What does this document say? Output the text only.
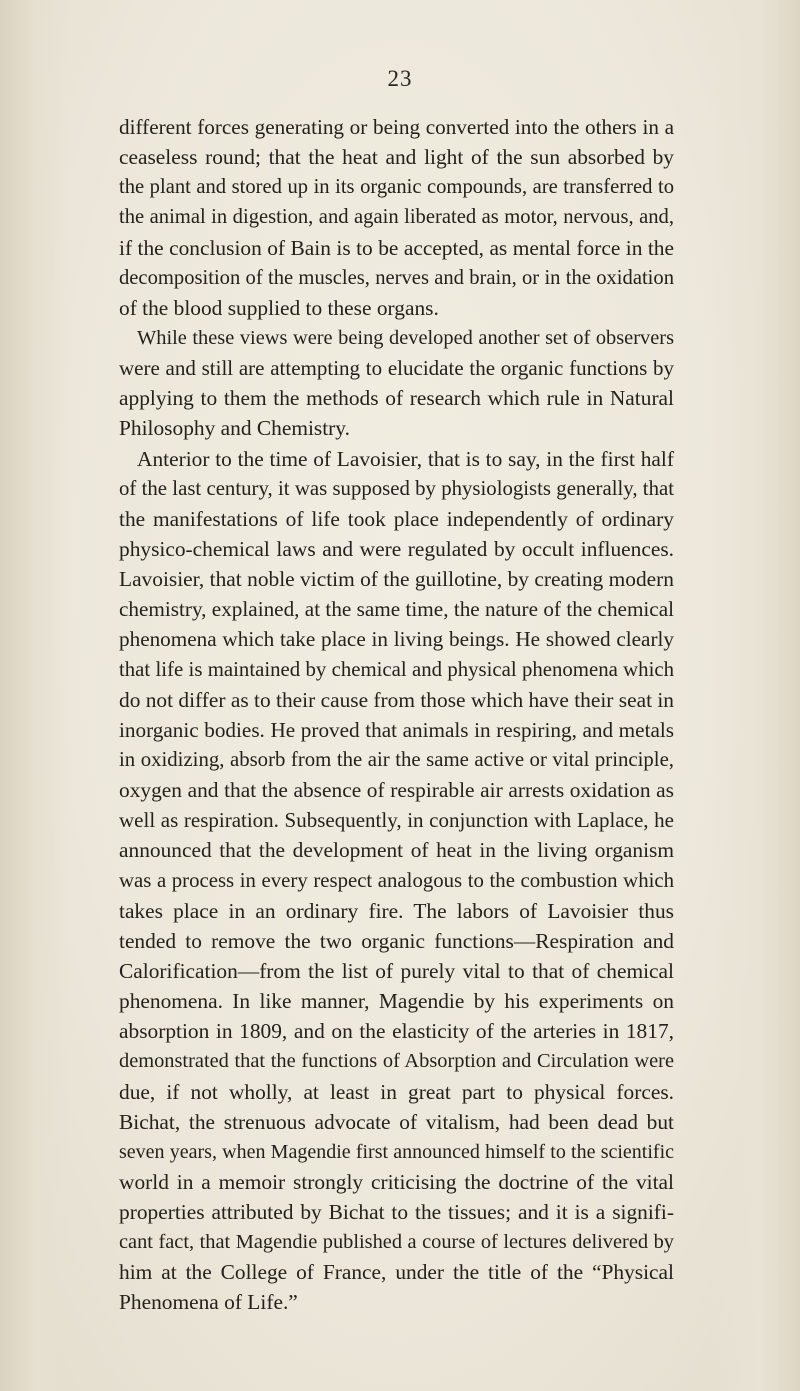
23
different forces generating or being converted into the others in a
ceaseless round; that the heat and light of the sun absorbed by
the plant and stored up in its organic compounds, are transferred to
the animal in digestion, and again liberated as motor, nervous, and,
if the conclusion of Bain is to be accepted, as mental force in the
decomposition of the muscles, nerves and brain, or in the oxidation
of the blood supplied to these organs.
While these views were being developed another set of observers
were and still are attempting to elucidate the organic functions by
applying to them the methods of research which rule in Natural
Philosophy and Chemistry.
Anterior to the time of Lavoisier, that is to say, in the first half
of the last century, it was supposed by physiologists generally, that
the manifestations of life took place independently of ordinary
physico-chemical laws and were regulated by occult influences.
Lavoisier, that noble victim of the guillotine, by creating modern
chemistry, explained, at the same time, the nature of the chemical
phenomena which take place in living beings. He showed clearly
that life is maintained by chemical and physical phenomena which
do not differ as to their cause from those which have their seat in
inorganic bodies. He proved that animals in respiring, and metals
in oxidizing, absorb from the air the same active or vital principle,
oxygen and that the absence of respirable air arrests oxidation as
well as respiration. Subsequently, in conjunction with Laplace, he
announced that the development of heat in the living organism
was a process in every respect analogous to the combustion which
takes place in an ordinary fire. The labors of Lavoisier thus
tended to remove the two organic functions—Respiration and
Calorification—from the list of purely vital to that of chemical
phenomena. In like manner, Magendie by his experiments on
absorption in 1809, and on the elasticity of the arteries in 1817,
demonstrated that the functions of Absorption and Circulation were
due, if not wholly, at least in great part to physical forces.
Bichat, the strenuous advocate of vitalism, had been dead but
seven years, when Magendie first announced himself to the scientific
world in a memoir strongly criticising the doctrine of the vital
properties attributed by Bichat to the tissues; and it is a signifi-
cant fact, that Magendie published a course of lectures delivered by
him at the College of France, under the title of the “Physical
Phenomena of Life.”
